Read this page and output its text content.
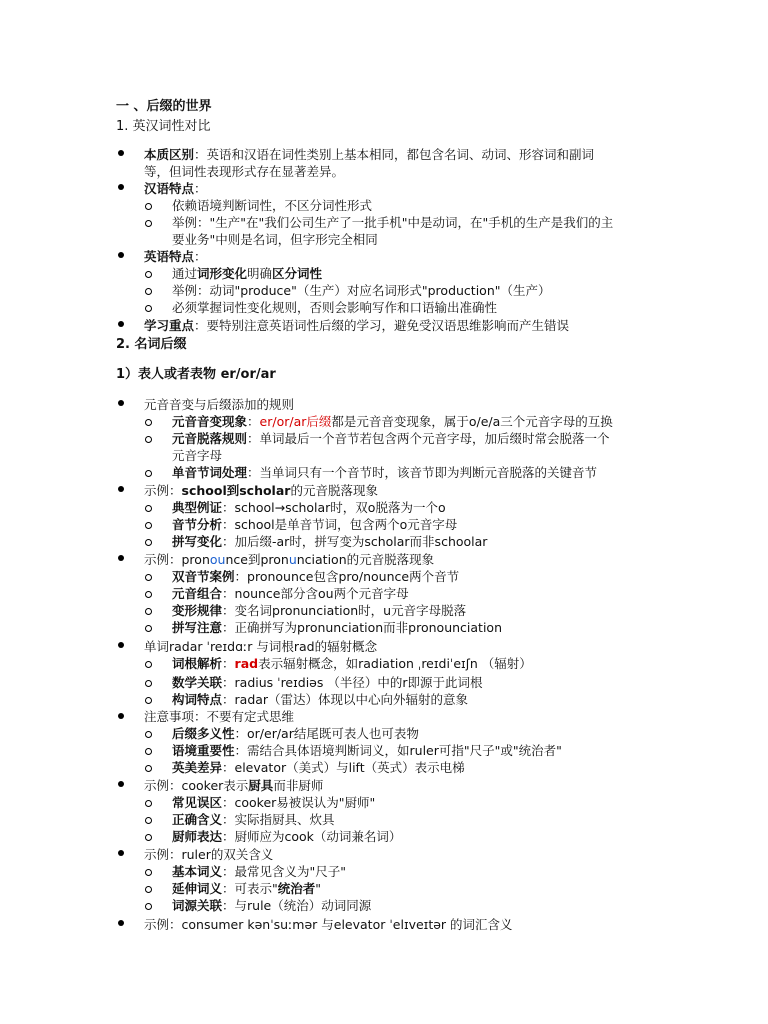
一 、后缀的世界
1. 英汉词性对比
本质区别：英语和汉语在词性类别上基本相同，都包含名词、动词、形容词和副词
等，但词性表现形式存在显著差异。
汉语特点：
依赖语境判断词性，不区分词性形式
举例："生产"在"我们公司生产了一批手机"中是动词，在"手机的生产是我们的主
要业务"中则是名词，但字形完全相同
英语特点：
通过词形变化明确区分词性
举例：动词"produce"（生产）对应名词形式"production"（生产）
必须掌握词性变化规则，否则会影响写作和口语输出准确性
学习重点：要特别注意英语词性后缀的学习，避免受汉语思维影响而产生错误
2. 名词后缀
1）表人或者表物 er/or/ar
元音音变与后缀添加的规则
元音音变现象：er/or/ar后缀都是元音音变现象，属于o/e/a三个元音字母的互换
元音脱落规则：单词最后一个音节若包含两个元音字母，加后缀时常会脱落一个
元音字母
单音节词处理：当单词只有一个音节时，该音节即为判断元音脱落的关键音节
示例：school到scholar的元音脱落现象
典型例证：school→scholar时，双o脱落为一个o
音节分析：school是单音节词，包含两个o元音字母
拼写变化：加后缀-ar时，拼写变为scholar而非schoolar
示例：pronounce到pronunciation的元音脱落现象
双音节案例：pronounce包含pro/nounce两个音节
元音组合：nounce部分含ou两个元音字母
变形规律：变名词pronunciation时，u元音字母脱落
拼写注意：正确拼写为pronunciation而非pronounciation
单词radar ˈreɪdɑːr 与词根rad的辐射概念
词根解析：rad表示辐射概念，如radiation ˌreɪdiˈeɪʃn （辐射）
数学关联：radius ˈreɪdiəs （半径）中的r即源于此词根
构词特点：radar（雷达）体现以中心向外辐射的意象
注意事项：不要有定式思维
后缀多义性：or/er/ar结尾既可表人也可表物
语境重要性：需结合具体语境判断词义，如ruler可指"尺子"或"统治者"
英美差异：elevator（美式）与lift（英式）表示电梯
示例：cooker表示厨具而非厨师
常见误区：cooker易被误认为"厨师"
正确含义：实际指厨具、炊具
厨师表达：厨师应为cook（动词兼名词）
示例：ruler的双关含义
基本词义：最常见含义为"尺子"
延伸词义：可表示"统治者"
词源关联：与rule（统治）动词同源
示例：consumer kənˈsuːmər 与elevator ˈelɪveɪtər 的词汇含义
